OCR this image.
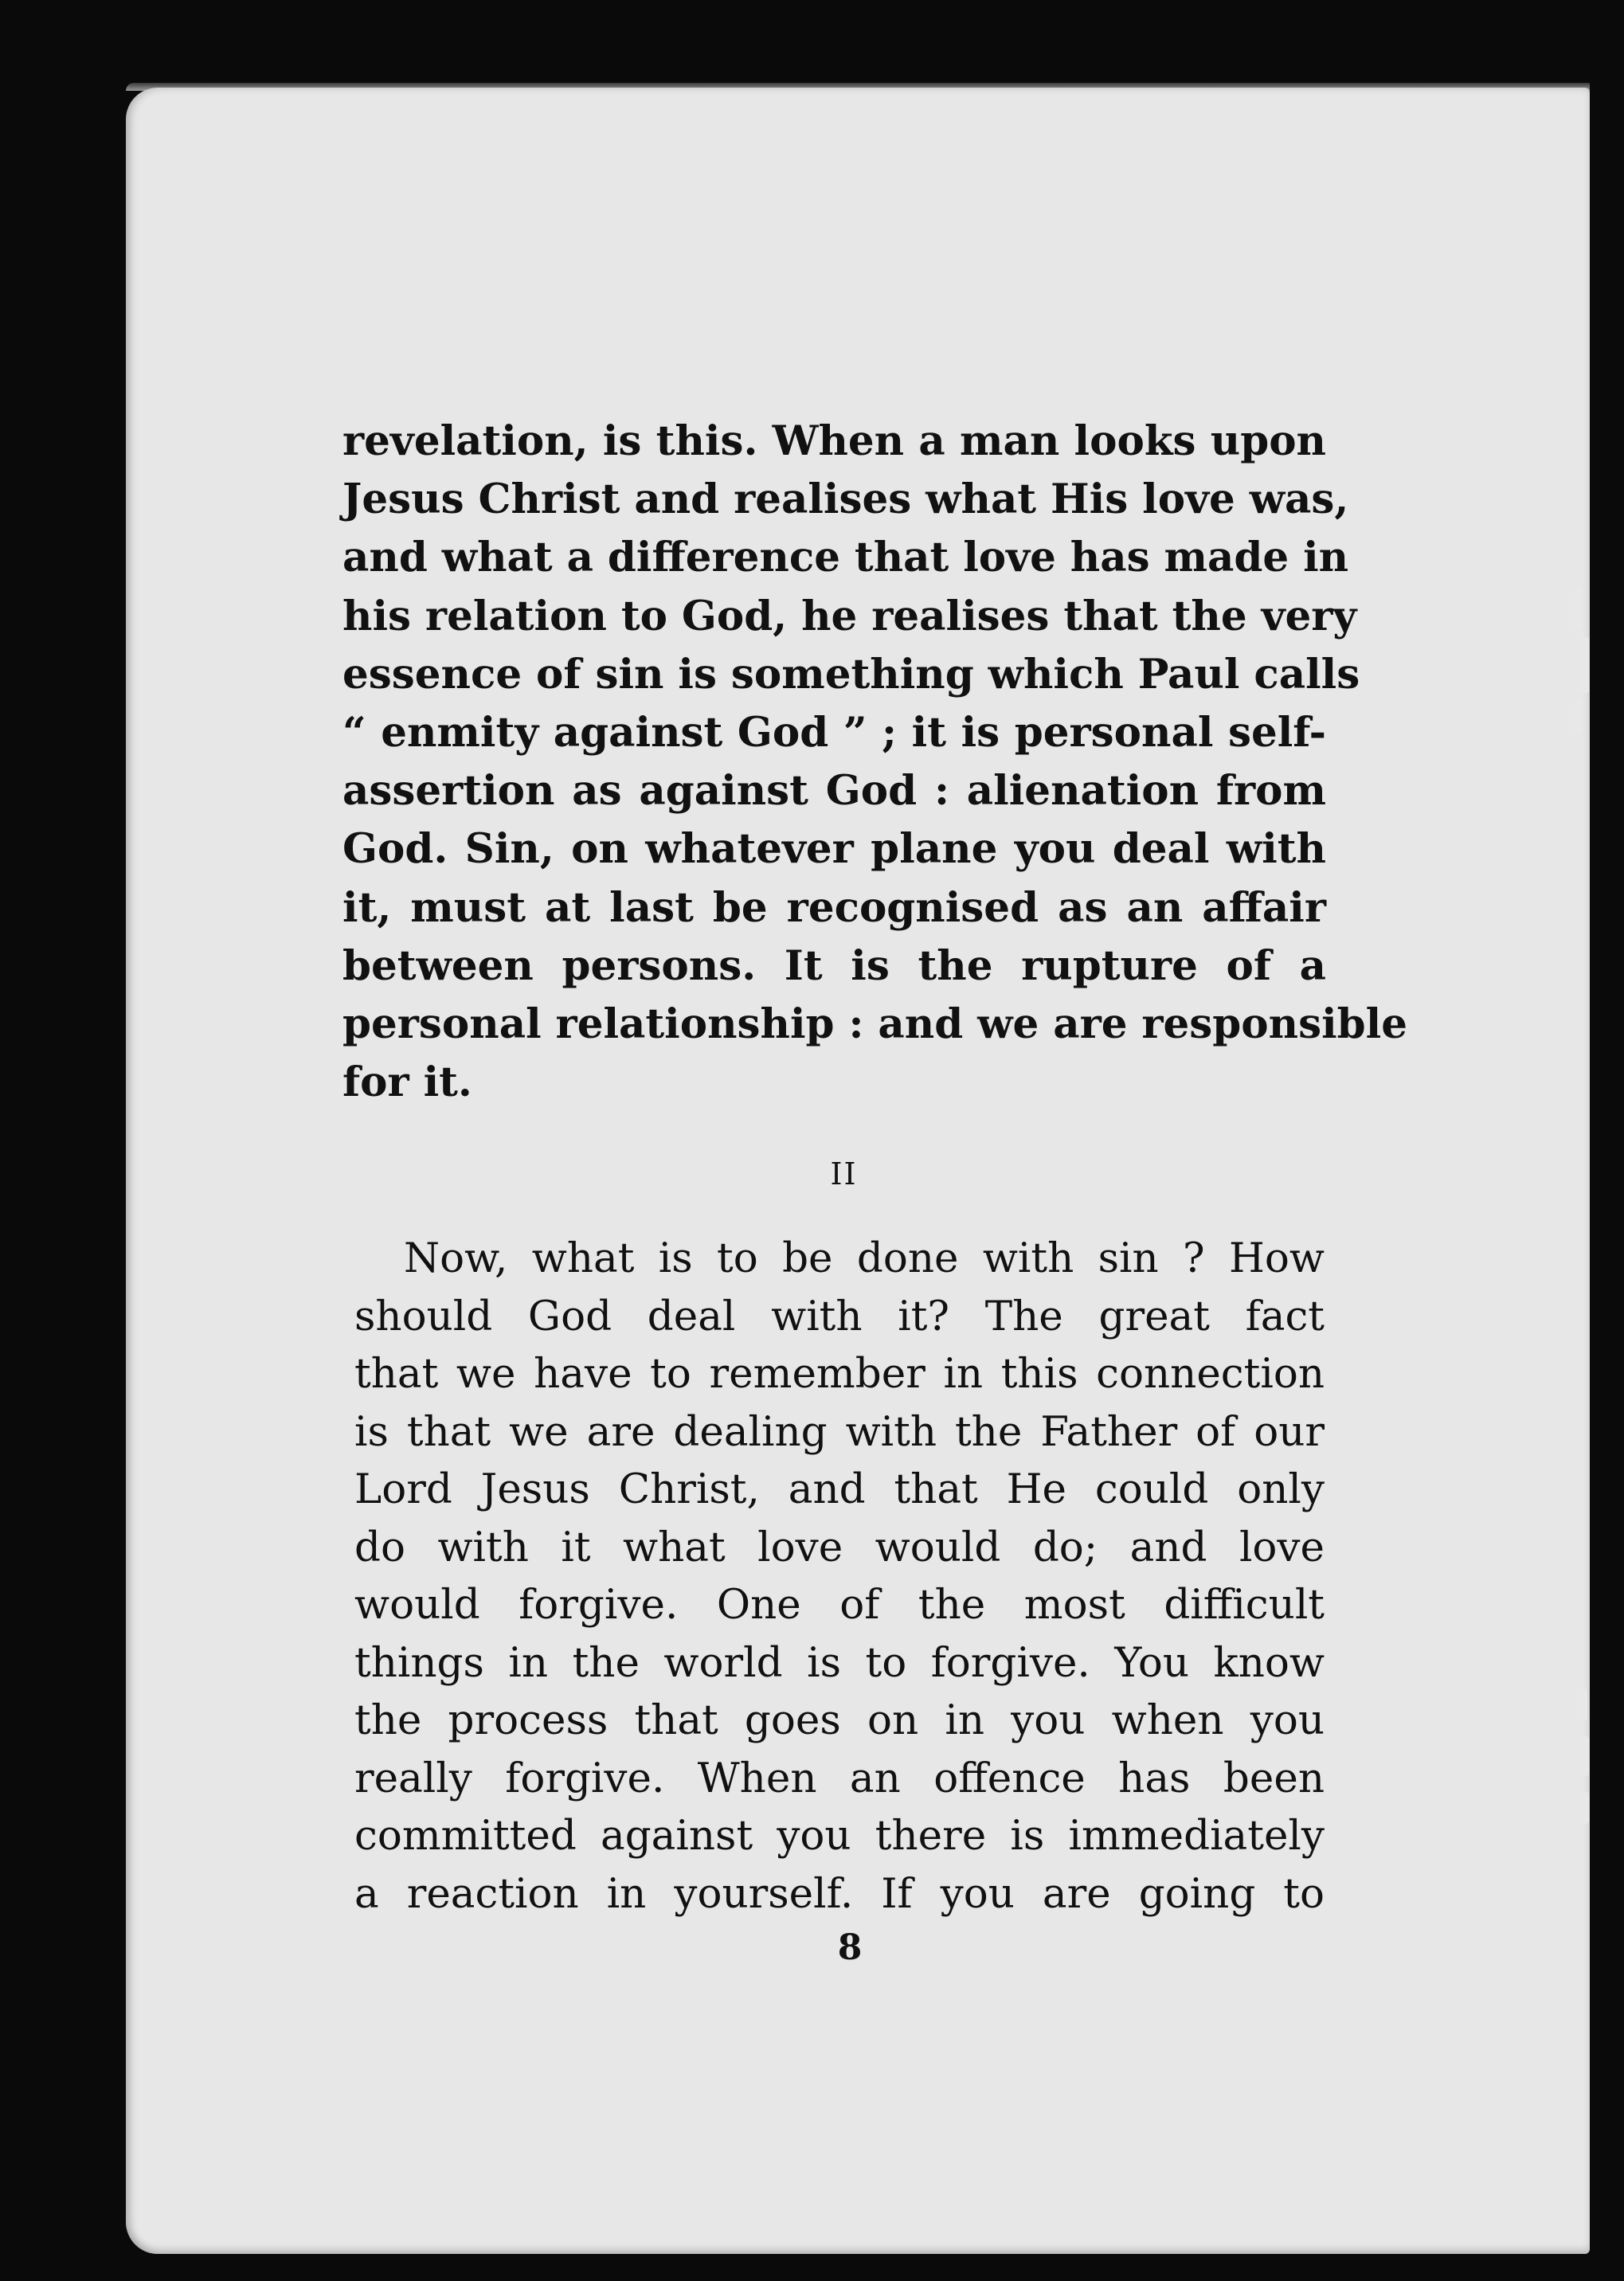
revelation, is this. When a man looks upon
Jesus Christ and realises what His love was,
and what a difference that love has made in
his relation to God, he realises that the very
essence of sin is something which Paul calls
“ enmity against God ” ; it is personal self-
assertion as against God : alienation from
God. Sin, on whatever plane you deal with
it, must at last be recognised as an affair
between persons. It is the rupture of a
personal relationship : and we are responsible
for it.
II
Now, what is to be done with sin ? How
should God deal with it? The great fact
that we have to remember in this connection
is that we are dealing with the Father of our
Lord Jesus Christ, and that He could only
do with it what love would do; and love
would forgive. One of the most difficult
things in the world is to forgive. You know
the process that goes on in you when you
really forgive. When an offence has been
committed against you there is immediately
a reaction in yourself. If you are going to
8
